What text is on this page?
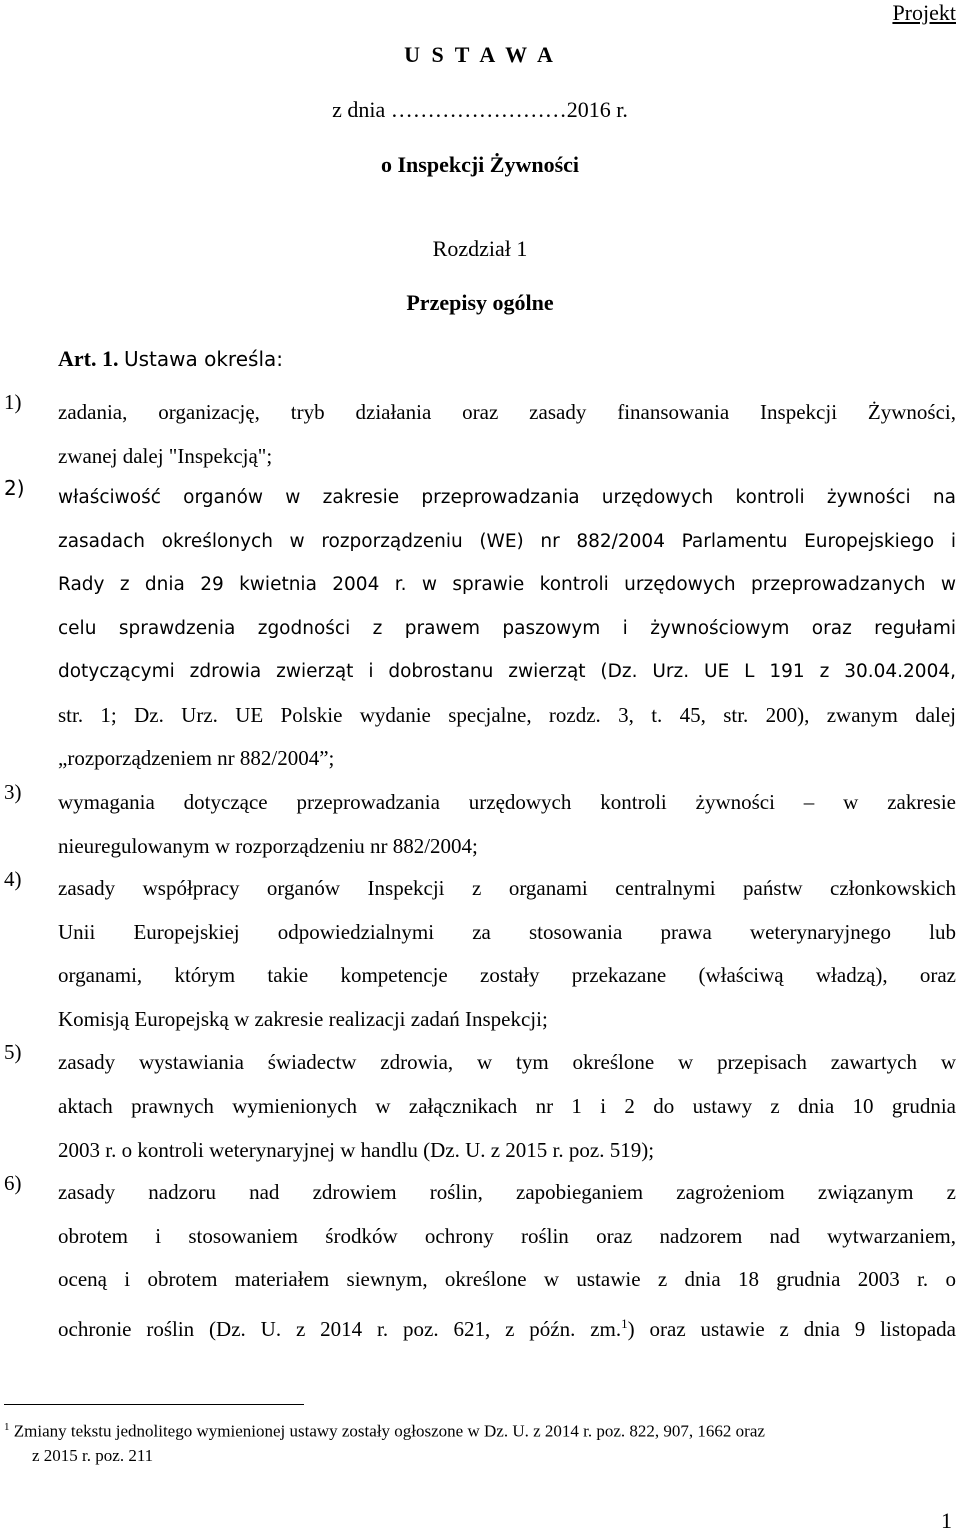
Projekt
U S T A W A
z dnia ……………………2016 r.
o Inspekcji Żywności
Rozdział 1
Przepisy ogólne
Art. 1. Ustawa określa:
1) zadania, organizację, tryb działania oraz zasady finansowania Inspekcji Żywności,
zwanej dalej "Inspekcją";
2) właściwość organów w zakresie przeprowadzania urzędowych kontroli żywności na
zasadach określonych w rozporządzeniu (WE) nr 882/2004 Parlamentu Europejskiego i
Rady z dnia 29 kwietnia 2004 r. w sprawie kontroli urzędowych przeprowadzanych w
celu sprawdzenia zgodności z prawem paszowym i żywnościowym oraz regułami
dotyczącymi zdrowia zwierząt i dobrostanu zwierząt (Dz. Urz. UE L 191 z 30.04.2004,
str. 1; Dz. Urz. UE Polskie wydanie specjalne, rozdz. 3, t. 45, str. 200), zwanym dalej
„rozporządzeniem nr 882/2004”;
3) wymagania dotyczące przeprowadzania urzędowych kontroli żywności – w zakresie
nieuregulowanym w rozporządzeniu nr 882/2004;
4) zasady współpracy organów Inspekcji z organami centralnymi państw członkowskich
Unii Europejskiej odpowiedzialnymi za stosowania prawa weterynaryjnego lub
organami, którym takie kompetencje zostały przekazane (właściwą władzą), oraz
Komisją Europejską w zakresie realizacji zadań Inspekcji;
5) zasady wystawiania świadectw zdrowia, w tym określone w przepisach zawartych w
aktach prawnych wymienionych w załącznikach nr 1 i 2 do ustawy z dnia 10 grudnia
2003 r. o kontroli weterynaryjnej w handlu (Dz. U. z 2015 r. poz. 519);
6) zasady nadzoru nad zdrowiem roślin, zapobieganiem zagrożeniom związanym z
obrotem i stosowaniem środków ochrony roślin oraz nadzorem nad wytwarzaniem,
oceną i obrotem materiałem siewnym, określone w ustawie z dnia 18 grudnia 2003 r. o
ochronie roślin (Dz. U. z 2014 r. poz. 621, z późn. zm.$^1$) oraz ustawie z dnia 9 listopada
$^1$ Zmiany tekstu jednolitego wymienionej ustawy zostały ogłoszone w Dz. U. z 2014 r. poz. 822, 907, 1662 oraz
z 2015 r. poz. 211
1
